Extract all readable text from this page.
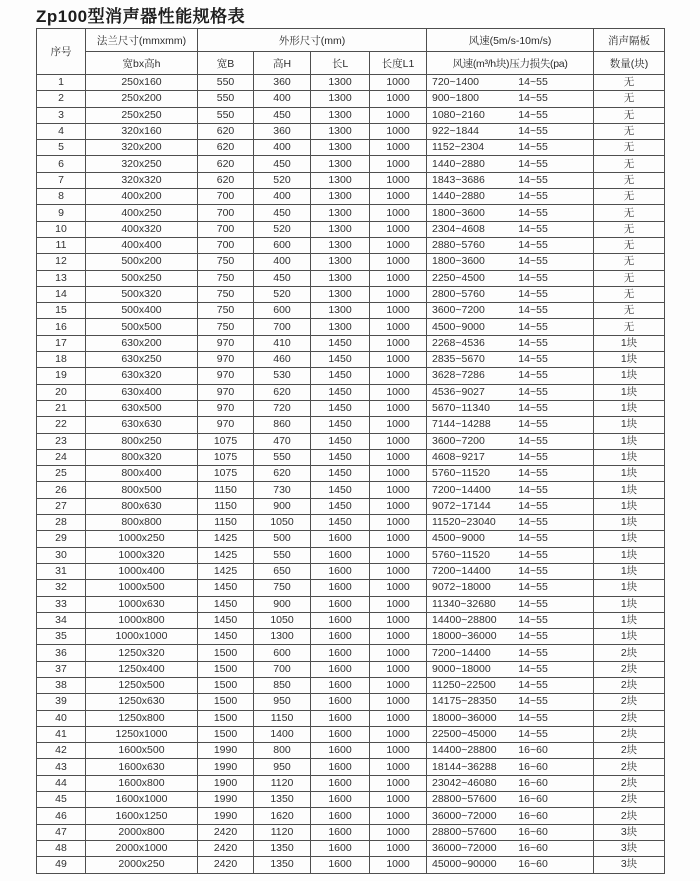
Zp100型消声器性能规格表
序号	法兰尺寸(mmxmm)	外形尺寸(mm)				风速(5m/s-10m/s)	消声隔板
	宽bx高h	宽B	高H	长L	长度L1	风速(m³/h块)压力损失(pa)	数量(块)
1	250x160	550	360	1300	1000	720~1400 14~55	无
2	250x200	550	400	1300	1000	900~1800 14~55	无
3	250x250	550	450	1300	1000	1080~2160 14~55	无
4	320x160	620	360	1300	1000	922~1844 14~55	无
5	320x200	620	400	1300	1000	1152~2304 14~55	无
6	320x250	620	450	1300	1000	1440~2880 14~55	无
7	320x320	620	520	1300	1000	1843~3686 14~55	无
8	400x200	700	400	1300	1000	1440~2880 14~55	无
9	400x250	700	450	1300	1000	1800~3600 14~55	无
10	400x320	700	520	1300	1000	2304~4608 14~55	无
11	400x400	700	600	1300	1000	2880~5760 14~55	无
12	500x200	750	400	1300	1000	1800~3600 14~55	无
13	500x250	750	450	1300	1000	2250~4500 14~55	无
14	500x320	750	520	1300	1000	2800~5760 14~55	无
15	500x400	750	600	1300	1000	3600~7200 14~55	无
16	500x500	750	700	1300	1000	4500~9000 14~55	无
17	630x200	970	410	1450	1000	2268~4536 14~55	1块
18	630x250	970	460	1450	1000	2835~5670 14~55	1块
19	630x320	970	530	1450	1000	3628~7286 14~55	1块
20	630x400	970	620	1450	1000	4536~9027 14~55	1块
21	630x500	970	720	1450	1000	5670~11340 14~55	1块
22	630x630	970	860	1450	1000	7144~14288 14~55	1块
23	800x250	1075	470	1450	1000	3600~7200 14~55	1块
24	800x320	1075	550	1450	1000	4608~9217 14~55	1块
25	800x400	1075	620	1450	1000	5760~11520 14~55	1块
26	800x500	1150	730	1450	1000	7200~14400 14~55	1块
27	800x630	1150	900	1450	1000	9072~17144 14~55	1块
28	800x800	1150	1050	1450	1000	11520~23040 14~55	1块
29	1000x250	1425	500	1600	1000	4500~9000 14~55	1块
30	1000x320	1425	550	1600	1000	5760~11520 14~55	1块
31	1000x400	1425	650	1600	1000	7200~14400 14~55	1块
32	1000x500	1450	750	1600	1000	9072~18000 14~55	1块
33	1000x630	1450	900	1600	1000	11340~32680 14~55	1块
34	1000x800	1450	1050	1600	1000	14400~28800 14~55	1块
35	1000x1000	1450	1300	1600	1000	18000~36000 14~55	1块
36	1250x320	1500	600	1600	1000	7200~14400 14~55	2块
37	1250x400	1500	700	1600	1000	9000~18000 14~55	2块
38	1250x500	1500	850	1600	1000	11250~22500 14~55	2块
39	1250x630	1500	950	1600	1000	14175~28350 14~55	2块
40	1250x800	1500	1150	1600	1000	18000~36000 14~55	2块
41	1250x1000	1500	1400	1600	1000	22500~45000 14~55	2块
42	1600x500	1990	800	1600	1000	14400~28800 16~60	2块
43	1600x630	1990	950	1600	1000	18144~36288 16~60	2块
44	1600x800	1900	1120	1600	1000	23042~46080 16~60	2块
45	1600x1000	1990	1350	1600	1000	28800~57600 16~60	2块
46	1600x1250	1990	1620	1600	1000	36000~72000 16~60	2块
47	2000x800	2420	1120	1600	1000	28800~57600 16~60	3块
48	2000x1000	2420	1350	1600	1000	36000~72000 16~60	3块
49	2000x250	2420	1350	1600	1000	45000~90000 16~60	3块
